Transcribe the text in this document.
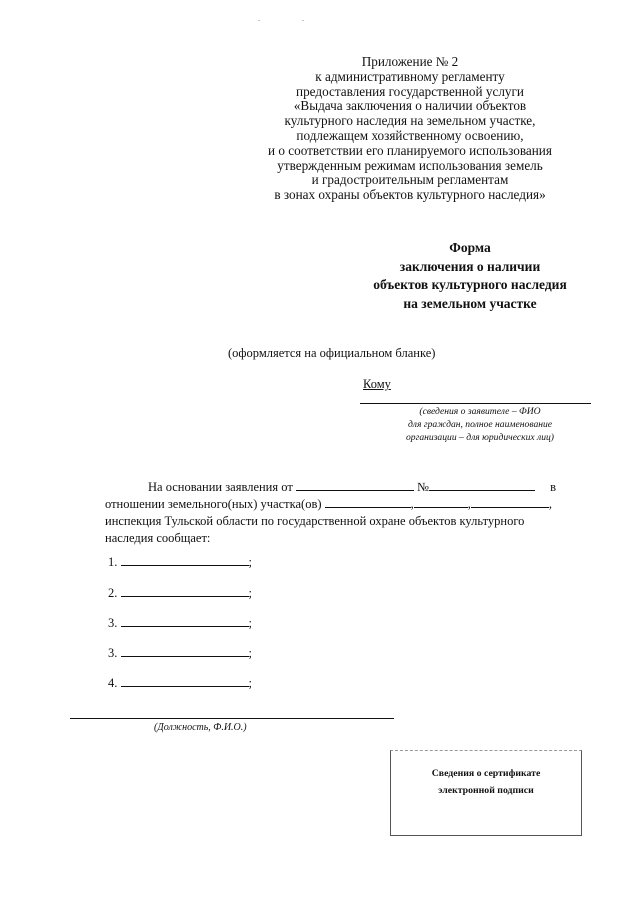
. .
Приложение № 2
к административному регламенту
предоставления государственной услуги
«Выдача заключения о наличии объектов
культурного наследия на земельном участке,
подлежащем хозяйственному освоению,
и о соответствии его планируемого использования
утвержденным режимам использования земель
и градостроительным регламентам
в зонах охраны объектов культурного наследия»
Форма
заключения о наличии
объектов культурного наследия
на земельном участке
(оформляется на официальном бланке)
Кому
(сведения о заявителе – ФИО
для граждан, полное наименование
организации – для юридических лиц)
На основании заявления от	№	в
отношении земельного(ных) участка(ов)	,	,	,
инспекция Тульской области по государственной охране объектов культурного
наследия сообщает:
1.	;
2.	;
3.	;
3.	;
4.	;
(Должность, Ф.И.О.)
Сведения о сертификате
электронной подписи
